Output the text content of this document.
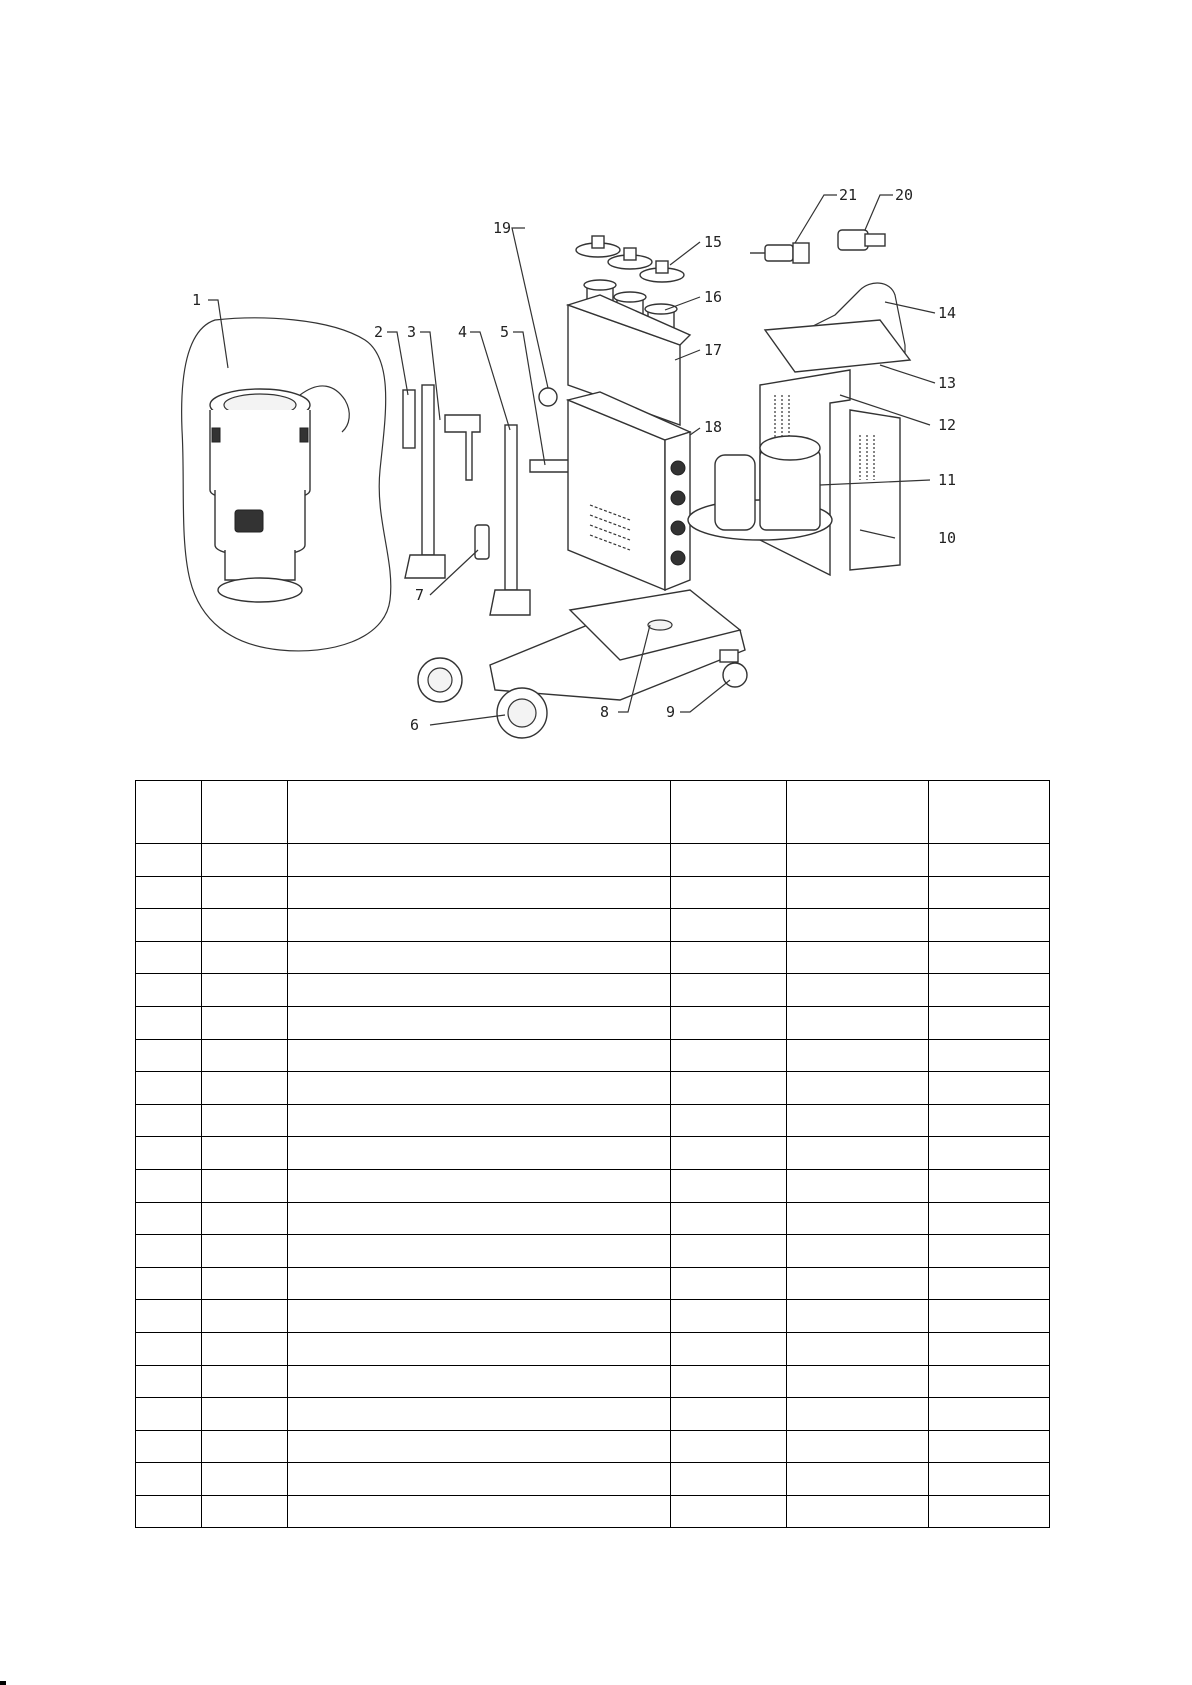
1
2 3	4 5
6
7
8	9
10
11
12
13
14
15
16
17
18
19
20
21
